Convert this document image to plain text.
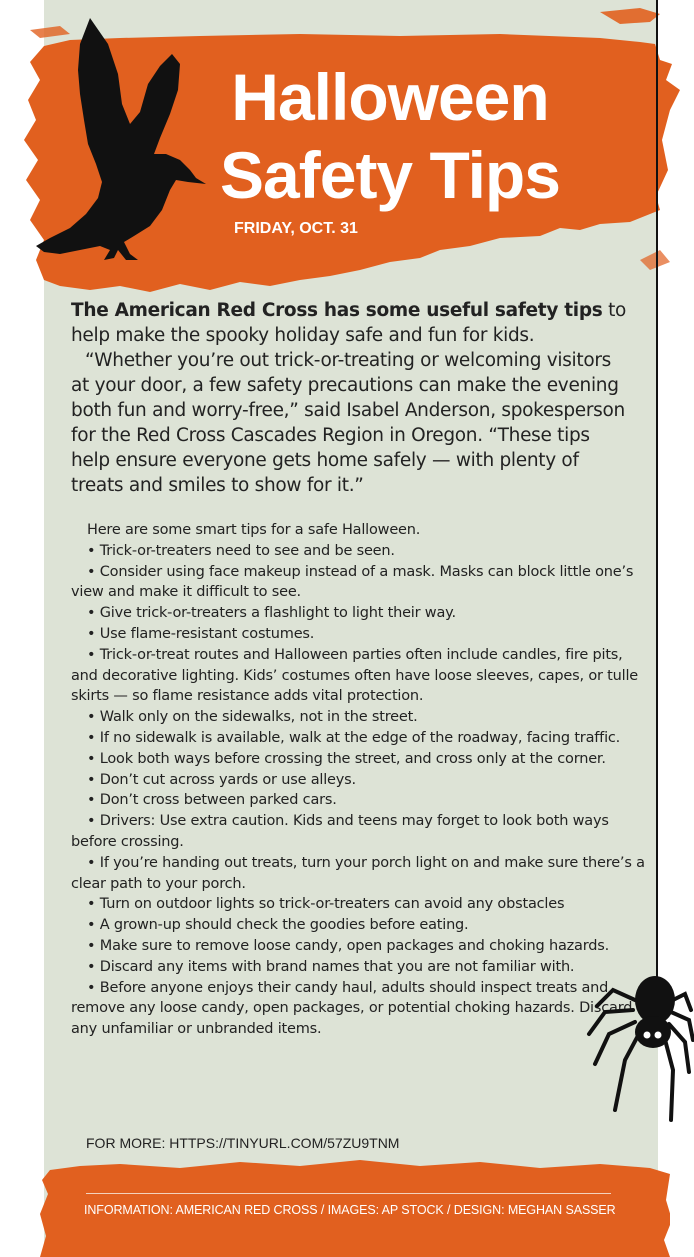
Halloween
Safety Tips
FRIDAY, OCT. 31

The American Red Cross has some useful safety tips to help make the spooky holiday safe and fun for kids.

“Whether you’re out trick-or-treating or welcoming visitors at your door, a few safety precautions can make the evening both fun and worry-free,” said Isabel Anderson, spokesperson for the Red Cross Cascades Region in Oregon. “These tips help ensure everyone gets home safely — with plenty of treats and smiles to show for it.”

Here are some smart tips for a safe Halloween.

• Trick-or-treaters need to see and be seen.

• Consider using face makeup instead of a mask. Masks can block little one’s view and make it difficult to see.

• Give trick-or-treaters a flashlight to light their way.

• Use flame-resistant costumes.

• Trick-or-treat routes and Halloween parties often include candles, fire pits, and decorative lighting. Kids’ costumes often have loose sleeves, capes, or tulle skirts — so flame resistance adds vital protection.

• Walk only on the sidewalks, not in the street.

• If no sidewalk is available, walk at the edge of the roadway, facing traffic.

• Look both ways before crossing the street, and cross only at the corner.

• Don’t cut across yards or use alleys.

• Don’t cross between parked cars.

• Drivers: Use extra caution. Kids and teens may forget to look both ways before crossing.

• If you’re handing out treats, turn your porch light on and make sure there’s a clear path to your porch.

• Turn on outdoor lights so trick-or-treaters can avoid any obstacles

• A grown-up should check the goodies before eating.

• Make sure to remove loose candy, open packages and choking hazards.

• Discard any items with brand names that you are not familiar with.

• Before anyone enjoys their candy haul, adults should inspect treats and remove any loose candy, open packages, or potential choking hazards. Discard any unfamiliar or unbranded items.

FOR MORE: HTTPS://TINYURL.COM/57ZU9TNM
INFORMATION: AMERICAN RED CROSS / IMAGES: AP STOCK / DESIGN: MEGHAN SASSER
